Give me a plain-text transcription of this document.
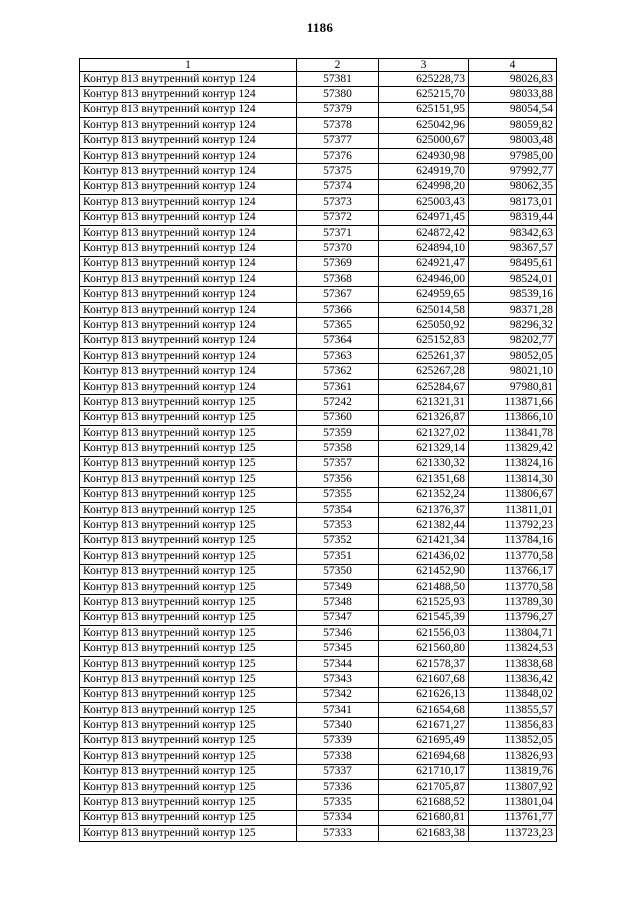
1186
1	2	3	4
Контур 813 внутренний контур 124	57381	625228,73	98026,83
Контур 813 внутренний контур 124	57380	625215,70	98033,88
Контур 813 внутренний контур 124	57379	625151,95	98054,54
Контур 813 внутренний контур 124	57378	625042,96	98059,82
Контур 813 внутренний контур 124	57377	625000,67	98003,48
Контур 813 внутренний контур 124	57376	624930,98	97985,00
Контур 813 внутренний контур 124	57375	624919,70	97992,77
Контур 813 внутренний контур 124	57374	624998,20	98062,35
Контур 813 внутренний контур 124	57373	625003,43	98173,01
Контур 813 внутренний контур 124	57372	624971,45	98319,44
Контур 813 внутренний контур 124	57371	624872,42	98342,63
Контур 813 внутренний контур 124	57370	624894,10	98367,57
Контур 813 внутренний контур 124	57369	624921,47	98495,61
Контур 813 внутренний контур 124	57368	624946,00	98524,01
Контур 813 внутренний контур 124	57367	624959,65	98539,16
Контур 813 внутренний контур 124	57366	625014,58	98371,28
Контур 813 внутренний контур 124	57365	625050,92	98296,32
Контур 813 внутренний контур 124	57364	625152,83	98202,77
Контур 813 внутренний контур 124	57363	625261,37	98052,05
Контур 813 внутренний контур 124	57362	625267,28	98021,10
Контур 813 внутренний контур 124	57361	625284,67	97980,81
Контур 813 внутренний контур 125	57242	621321,31	113871,66
Контур 813 внутренний контур 125	57360	621326,87	113866,10
Контур 813 внутренний контур 125	57359	621327,02	113841,78
Контур 813 внутренний контур 125	57358	621329,14	113829,42
Контур 813 внутренний контур 125	57357	621330,32	113824,16
Контур 813 внутренний контур 125	57356	621351,68	113814,30
Контур 813 внутренний контур 125	57355	621352,24	113806,67
Контур 813 внутренний контур 125	57354	621376,37	113811,01
Контур 813 внутренний контур 125	57353	621382,44	113792,23
Контур 813 внутренний контур 125	57352	621421,34	113784,16
Контур 813 внутренний контур 125	57351	621436,02	113770,58
Контур 813 внутренний контур 125	57350	621452,90	113766,17
Контур 813 внутренний контур 125	57349	621488,50	113770,58
Контур 813 внутренний контур 125	57348	621525,93	113789,30
Контур 813 внутренний контур 125	57347	621545,39	113796,27
Контур 813 внутренний контур 125	57346	621556,03	113804,71
Контур 813 внутренний контур 125	57345	621560,80	113824,53
Контур 813 внутренний контур 125	57344	621578,37	113838,68
Контур 813 внутренний контур 125	57343	621607,68	113836,42
Контур 813 внутренний контур 125	57342	621626,13	113848,02
Контур 813 внутренний контур 125	57341	621654,68	113855,57
Контур 813 внутренний контур 125	57340	621671,27	113856,83
Контур 813 внутренний контур 125	57339	621695,49	113852,05
Контур 813 внутренний контур 125	57338	621694,68	113826,93
Контур 813 внутренний контур 125	57337	621710,17	113819,76
Контур 813 внутренний контур 125	57336	621705,87	113807,92
Контур 813 внутренний контур 125	57335	621688,52	113801,04
Контур 813 внутренний контур 125	57334	621680,81	113761,77
Контур 813 внутренний контур 125	57333	621683,38	113723,23
